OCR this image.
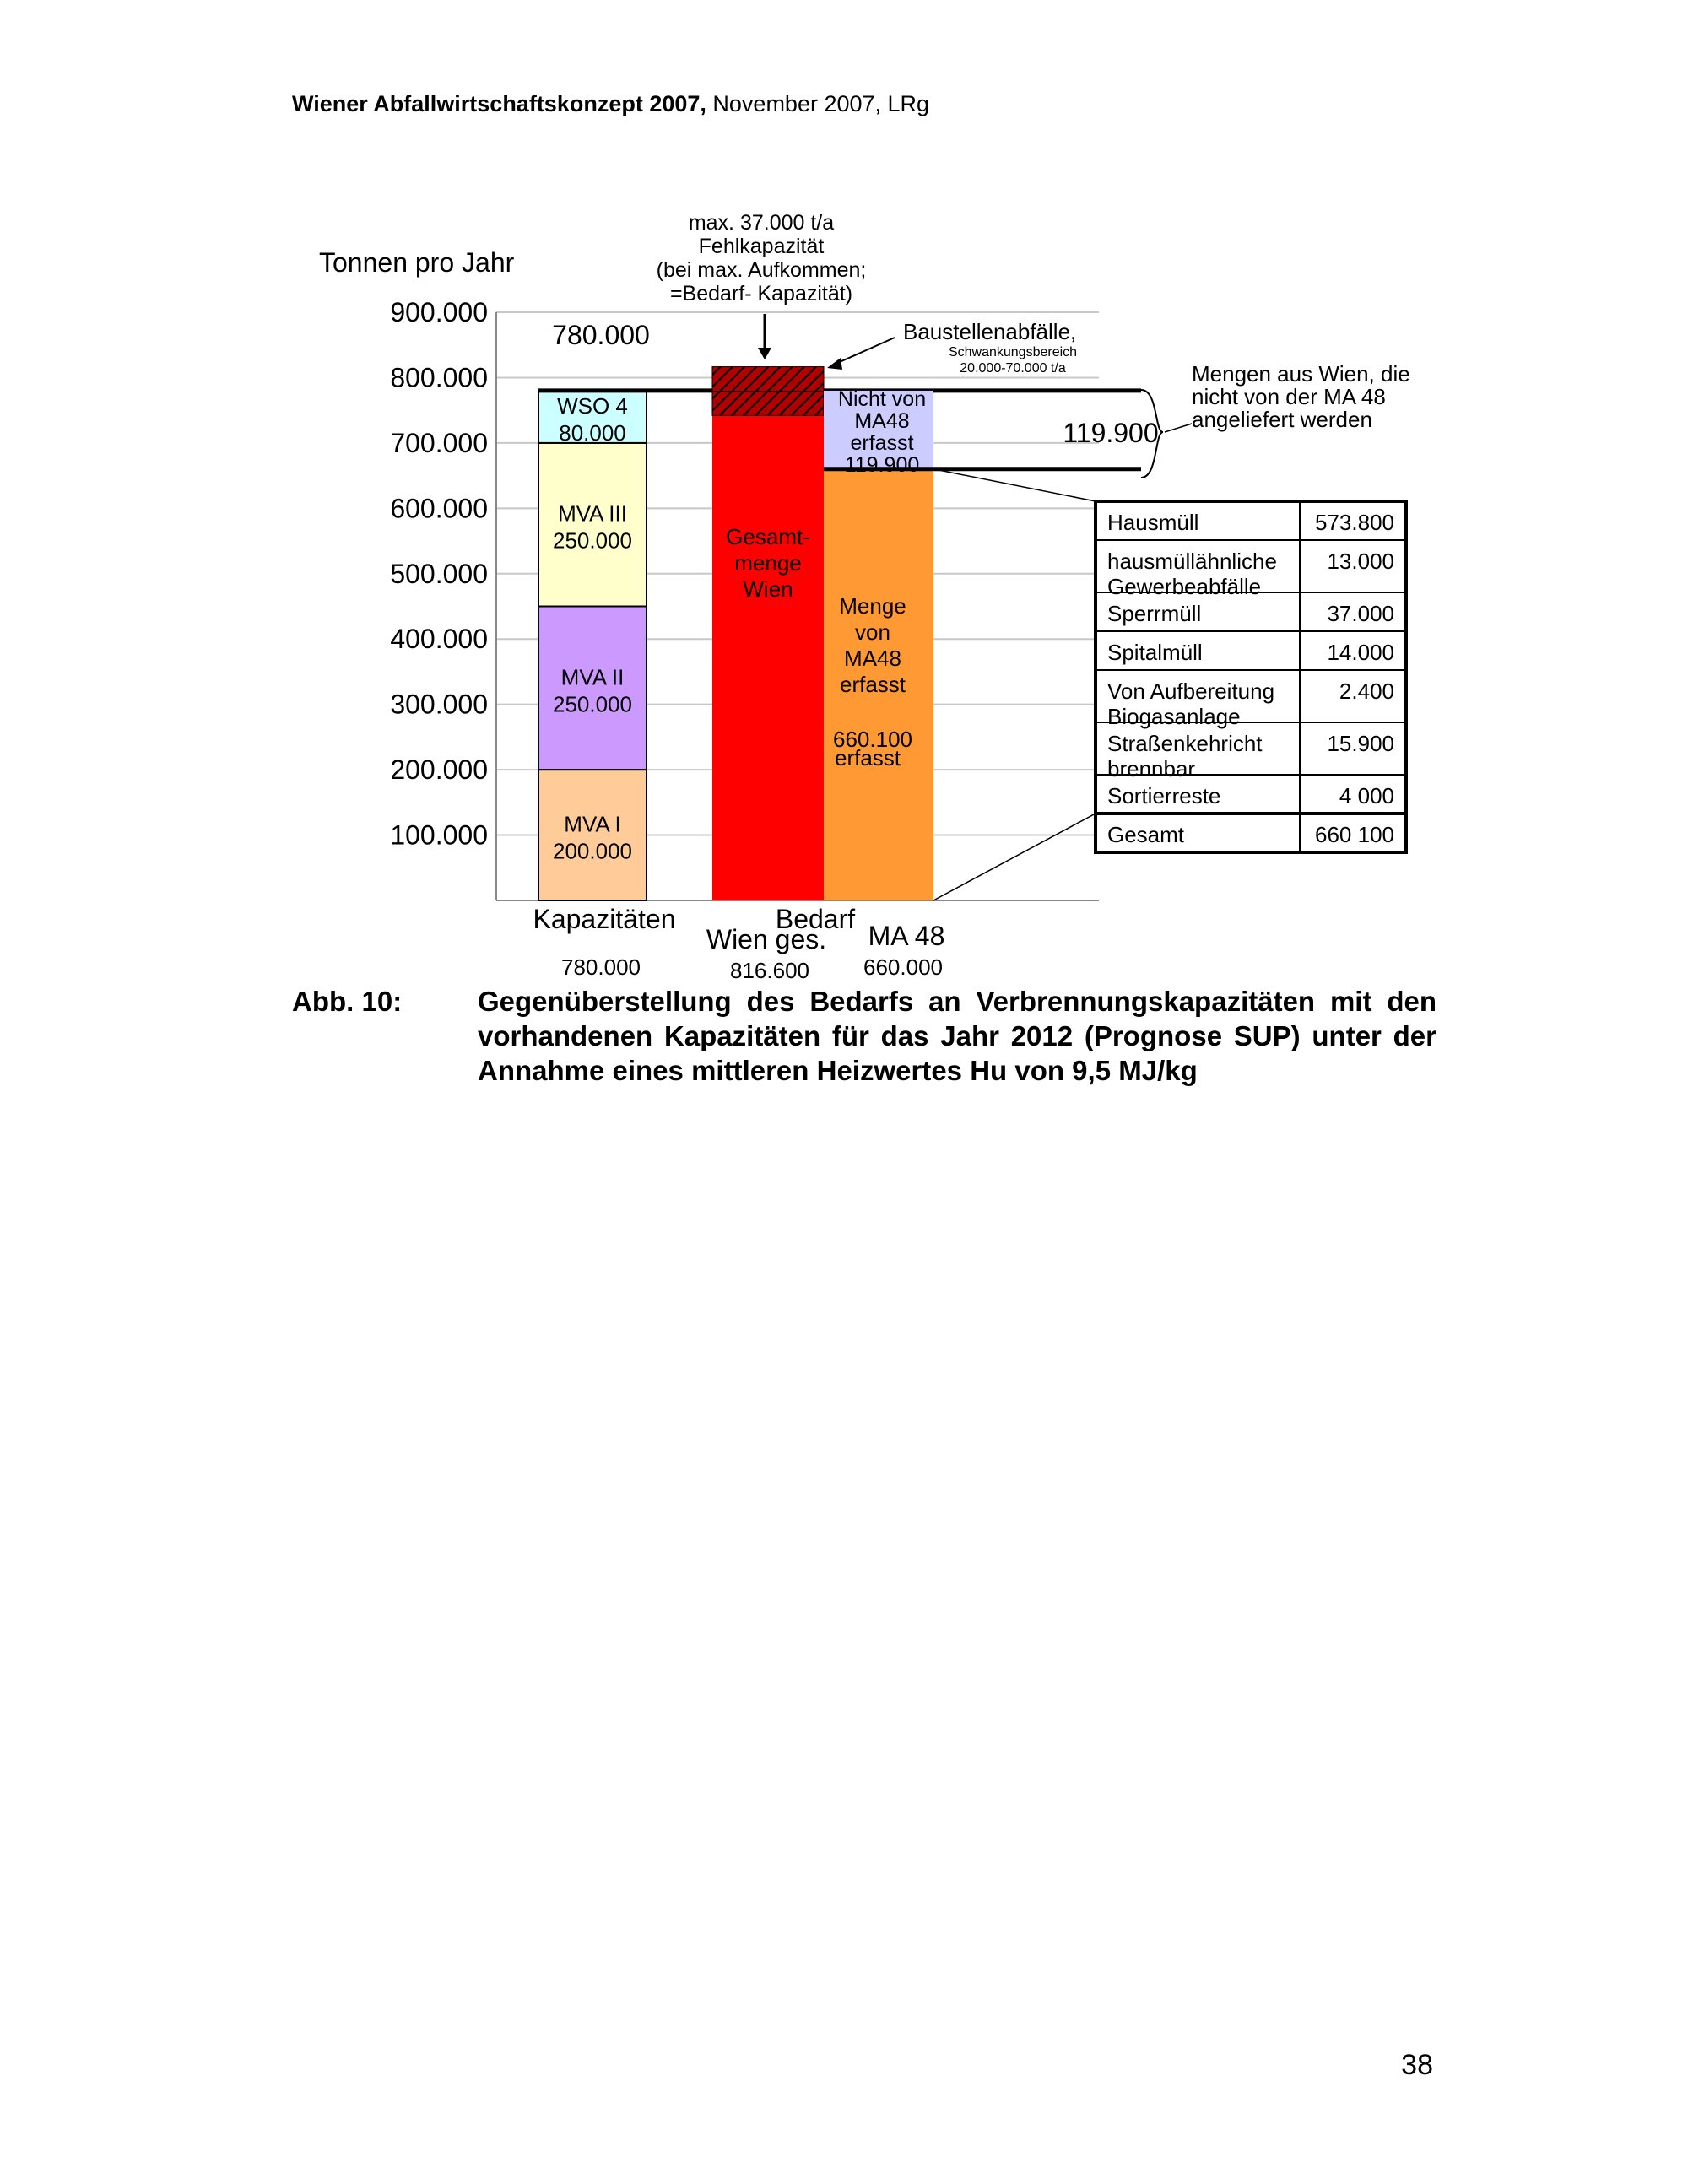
Wiener Abfallwirtschaftskonzept 2007, November 2007, LRg
100.000
200.000
300.000
400.000
500.000
600.000
700.000
800.000
900.000
Tonnen pro Jahr
MVA I
200.000
MVA II
250.000
MVA III
250.000
WSO 4
80.000
Kapazitäten
780.000
780.000
Gesamt-
menge
Wien
Bedarf
Wien ges.
816.600
Menge
von
MA48
erfasst
660.100
erfasst
Nicht von
MA48
erfasst
119.900
MA 48
660.000
max. 37.000 t/a
Fehlkapazität
(bei max. Aufkommen;
=Bedarf- Kapazität)
Baustellenabfälle,
Schwankungsbereich
20.000-70.000 t/a
119.900
Mengen aus Wien, die
nicht von der MA 48
angeliefert werden
Hausmüll	573.800
hausmüllähnliche
Gewerbeabfälle
13.000
Sperrmüll	37.000
Spitalmüll	14.000
Von Aufbereitung
Biogasanlage
2.400
Straßenkehricht
brennbar
15.900
Sortierreste	4 000
Gesamt	660 100
Abb. 10:	Gegenüberstellung des Bedarfs an Verbrennungskapazitäten mit den vorhandenen Kapazitäten für das Jahr 2012 (Prognose SUP) unter der Annahme eines mittleren Heizwertes Hu von 9,5 MJ/kg
38
